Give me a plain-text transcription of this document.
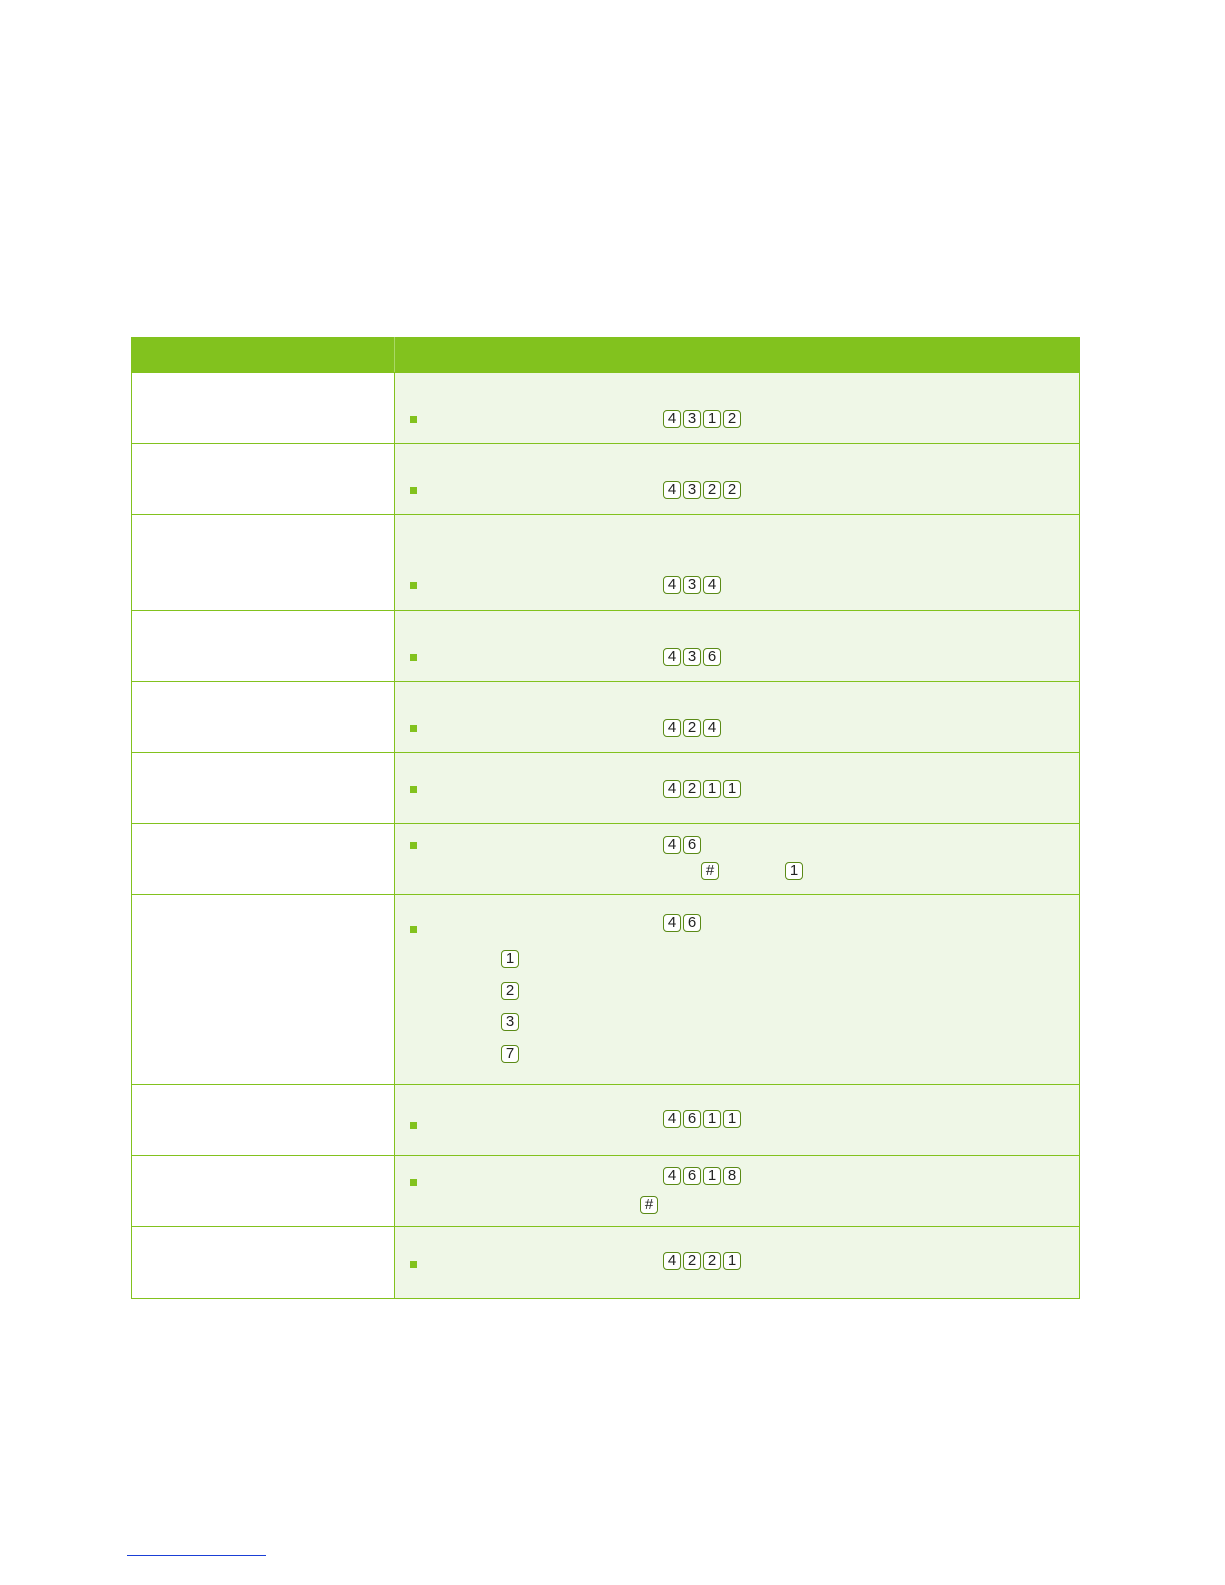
4 3 1 2
4 3 2 2
4 3 4
4 3 6
4 2 4
4 2 1 1
4 6
#	1
4 6
1
2
3
7
4 6 1 1
4 6 1 8
#
4 2 2 1
